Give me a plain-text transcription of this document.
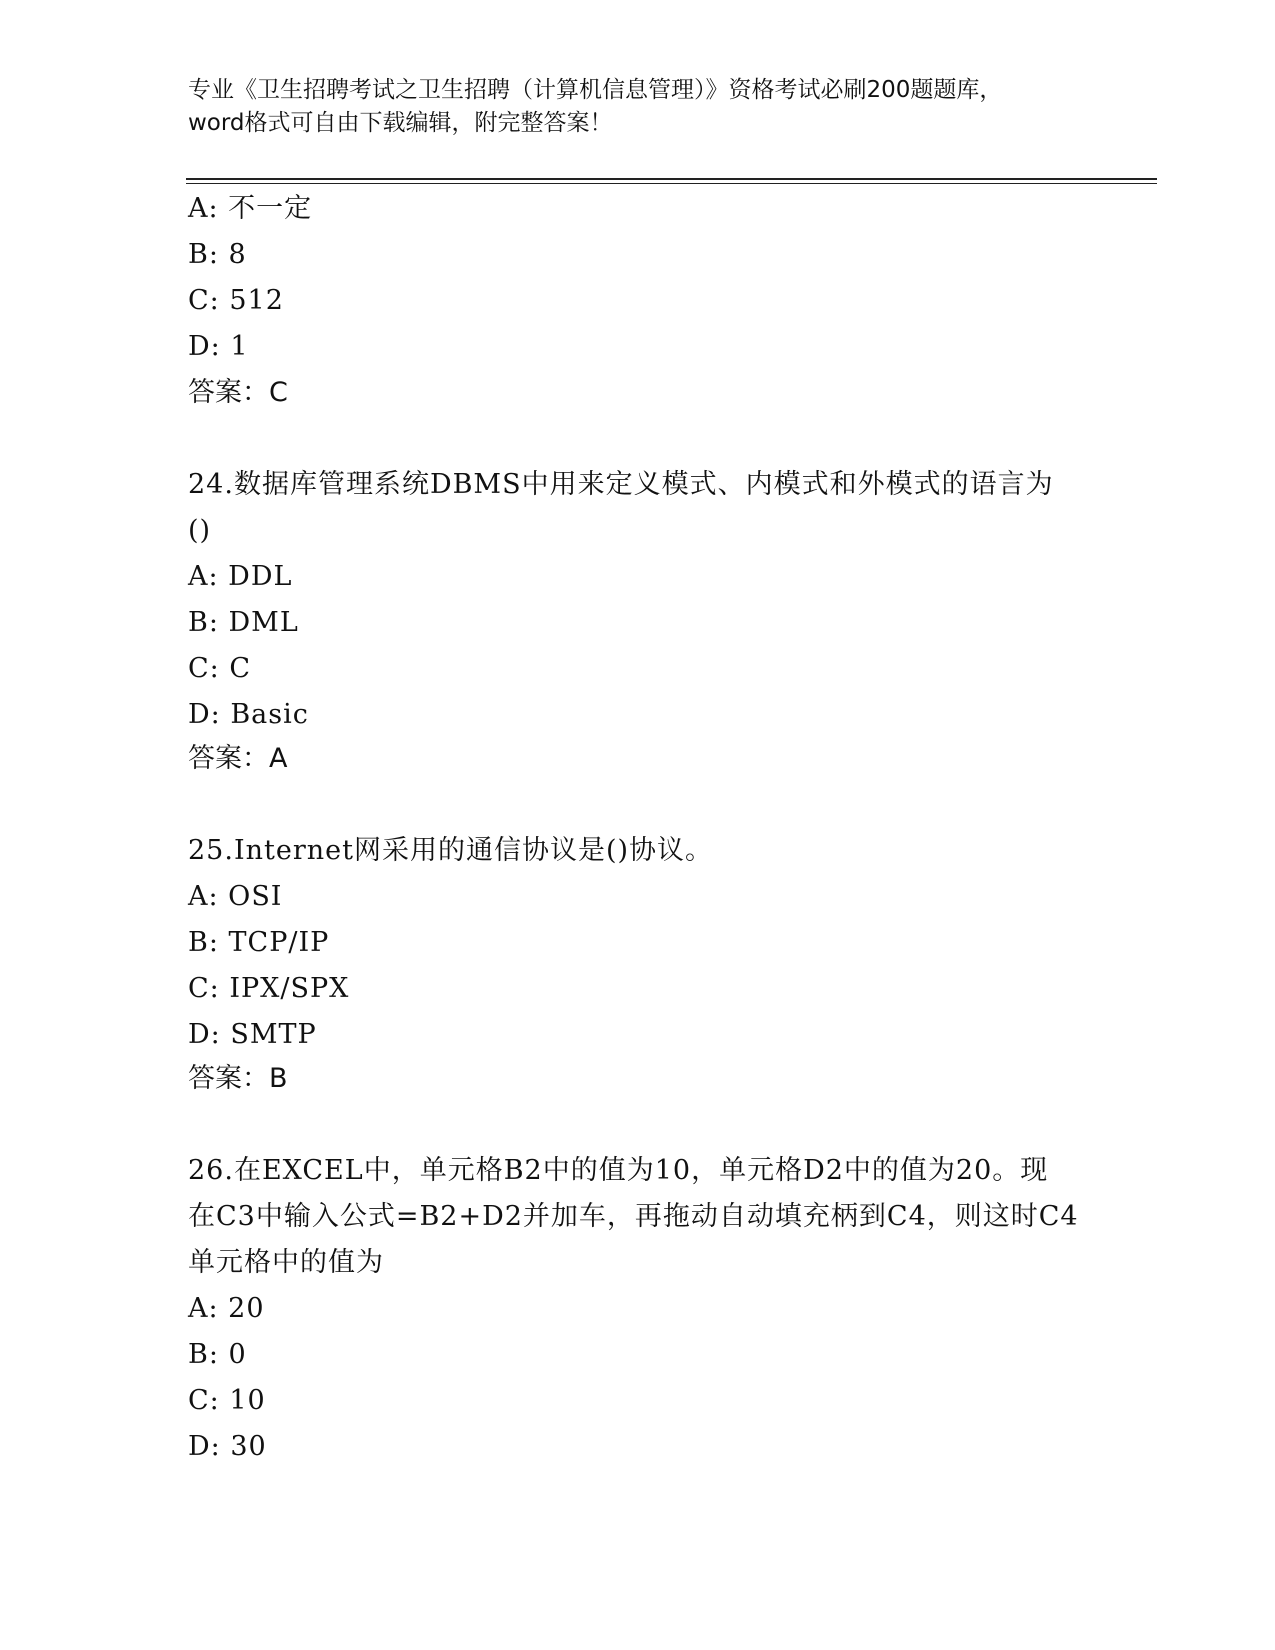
专业《卫生招聘考试之卫生招聘（计算机信息管理）》资格考试必刷200题题库，
word格式可自由下载编辑，附完整答案！
A: 不一定
B: 8
C: 512
D: 1
答案：C
24.数据库管理系统DBMS中用来定义模式、内模式和外模式的语言为
()
A: DDL
B: DML
C: C
D: Basic
答案：A
25.Internet网采用的通信协议是()协议。
A: OSI
B: TCP/IP
C: IPX/SPX
D: SMTP
答案：B
26.在EXCEL中，单元格B2中的值为10，单元格D2中的值为20。现
在C3中输入公式=B2+D2并加车，再拖动自动填充柄到C4，则这时C4
单元格中的值为
A: 20
B: 0
C: 10
D: 30
